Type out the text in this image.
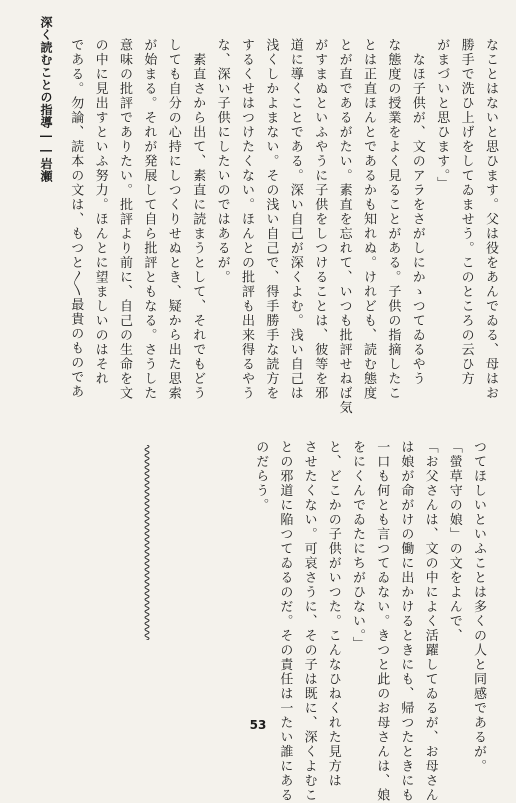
深く読むことの指導――岩瀬	なことはないと思ひます。父は役をあんでゐる、母はお
勝手で洗ひ上げをしてゐませう。このところの云ひ方
がまづいと思ひます。」
　なほ子供が、文のアラをさがしにかゝつてゐるやう
な態度の授業をよく見ることがある。子供の指摘したこ
とは正直ほんとであるかも知れぬ。けれども、読む態度
とが直であるがたい。素直を忘れて、いつも批評せねば気
がすまぬといふやうに子供をしつけることは、彼等を邪
道に導くことである。深い自己が深くよむ。浅い自己は
浅くしかよまない。その浅い自己で、得手勝手な読方を
するくせはつけたくない。ほんとの批評も出来得るやう
な、深い子供にしたいのではあるが。
　素直さから出て、素直に読まうとして、それでもどう
しても自分の心持にしつくりせぬとき、疑から出た思索
が始まる。それが発展して自ら批評ともなる。さうした
意味の批評でありたい。批評より前に、自己の生命を文
の中に見出すといふ努力。ほんとに望ましいのはそれ
である。勿論、読本の文は、もつと〳〵最貴のものであ
つてほしいといふことは多くの人と同感であるが。
「螢草守の娘」の文をよんで、
「お父さんは、文の中によく活躍してゐるが、お母さん
は娘が命がけの働に出かけるときにも、帰つたときにも
一口も何とも言つてゐない。きつと此のお母さんは、娘
をにくんでゐたにちがひない。」
と、どこかの子供がいつた。こんなひねくれた見方は
させたくない。可哀さうに、その子は既に、深くよむこ
との邪道に陥つてゐるのだ。その責任は一たい誰にある
のだらう。
53
